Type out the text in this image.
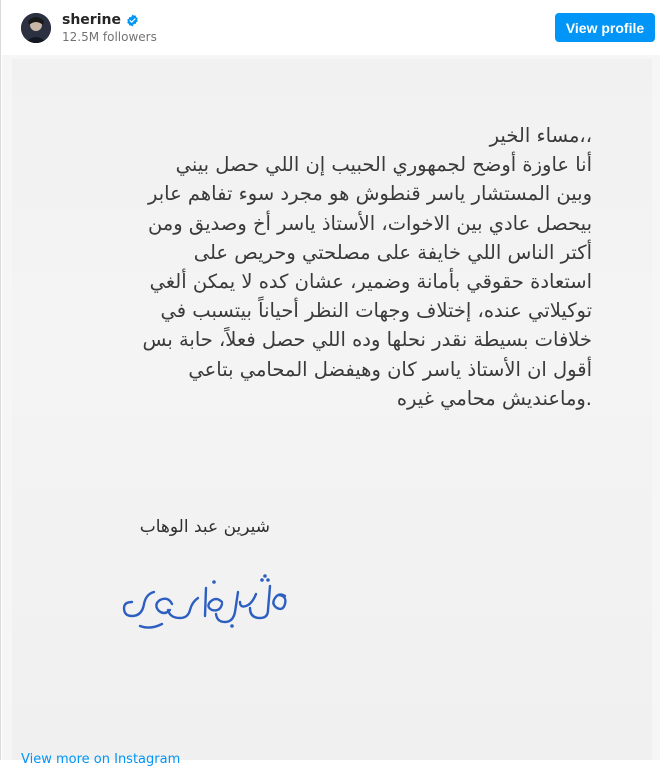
sherine
12.5M followers
View profile
،،مساء الخير
أنا عاوزة أوضح لجمهوري الحبيب إن اللي حصل بيني
وبين المستشار ياسر قنطوش هو مجرد سوء تفاهم عابر
بيحصل عادي بين الاخوات، الأستاذ ياسر أخ وصديق ومن
أكتر الناس اللي خايفة على مصلحتي وحريص على
استعادة حقوقي بأمانة وضمير، عشان كده لا يمكن ألغي
توكيلاتي عنده، إختلاف وجهات النظر أحياناً بيتسبب في
خلافات بسيطة نقدر نحلها وده اللي حصل فعلاً، حابة بس
أقول ان الأستاذ ياسر كان وهيفضل المحامي بتاعي
.وماعنديش محامي غيره
شيرين عبد الوهاب
View more on Instagram
